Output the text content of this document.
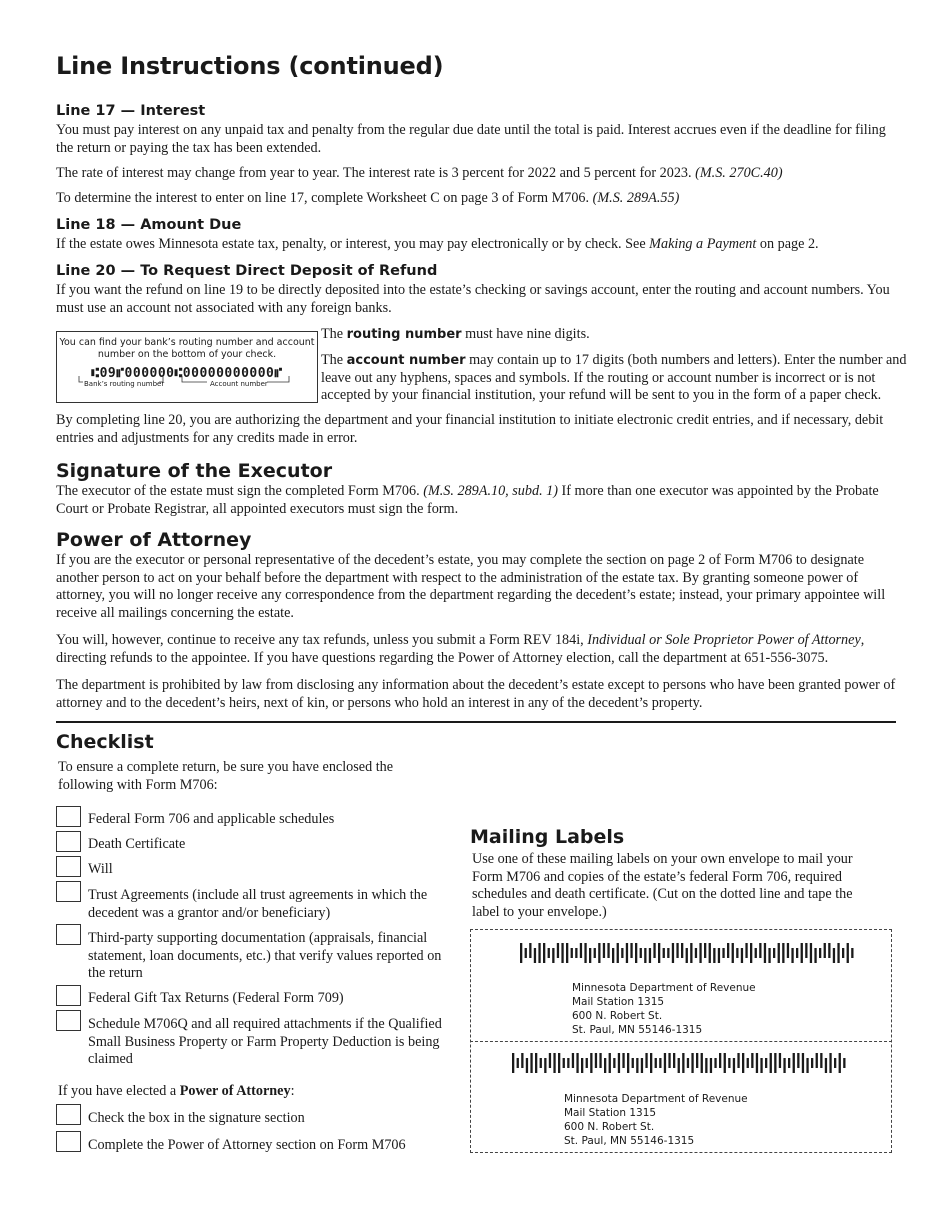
Line Instructions (continued)
Line 17 — Interest

You must pay interest on any unpaid tax and penalty from the regular due date until the total is paid. Interest accrues even if the deadline for filing the return or paying the tax has been extended.

The rate of interest may change from year to year. The interest rate is 3 percent for 2022 and 5 percent for 2023. (M.S. 270C.40)

To determine the interest to enter on line 17, complete Worksheet C on page 3 of Form M706. (M.S. 289A.55)

Line 18 — Amount Due

If the estate owes Minnesota estate tax, penalty, or interest, you may pay electronically or by check. See Making a Payment on page 2.

Line 20 — To Request Direct Deposit of Refund

If you want the refund on line 19 to be directly deposited into the estate’s checking or savings account, enter the routing and account numbers. You must use an account not associated with any foreign banks.

You can find your bank’s routing number and account number on the bottom of your check.
⑆09⑈000000⑆00000000000⑈
Bank’s routing number	Account number

The routing number must have nine digits.

The account number may contain up to 17 digits (both numbers and letters). Enter the number and leave out any hyphens, spaces and symbols. If the routing or account number is incorrect or is not accepted by your financial institution, your refund will be sent to you in the form of a paper check.

By completing line 20, you are authorizing the department and your financial institution to initiate electronic credit entries, and if necessary, debit entries and adjustments for any credits made in error.

Signature of the Executor

The executor of the estate must sign the completed Form M706. (M.S. 289A.10, subd. 1) If more than one executor was appointed by the Probate Court or Probate Registrar, all appointed executors must sign the form.

Power of Attorney

If you are the executor or personal representative of the decedent’s estate, you may complete the section on page 2 of Form M706 to designate another person to act on your behalf before the department with respect to the administration of the estate tax. By granting someone power of attorney, you will no longer receive any correspondence from the department regarding the decedent’s estate; instead, your primary appointee will receive all mailings concerning the estate.

You will, however, continue to receive any tax refunds, unless you submit a Form REV 184i, Individual or Sole Proprietor Power of Attorney, directing refunds to the appointee. If you have questions regarding the Power of Attorney election, call the department at 651-556-3075.

The department is prohibited by law from disclosing any information about the decedent’s estate except to persons who have been granted power of attorney and to the decedent’s heirs, next of kin, or persons who hold an interest in any of the decedent’s property.

Checklist

To ensure a complete return, be sure you have enclosed the following with Form M706:

Federal Form 706 and applicable schedules
Death Certificate
Will
Trust Agreements (include all trust agreements in which the decedent was a grantor and/or beneficiary)
Third-party supporting documentation (appraisals, financial statement, loan documents, etc.) that verify values reported on the return
Federal Gift Tax Returns (Federal Form 709)
Schedule M706Q and all required attachments if the Qualified Small Business Property or Farm Property Deduction is being claimed

If you have elected a Power of Attorney:

Check the box in the signature section
Complete the Power of Attorney section on Form M706
Mailing Labels

Use one of these mailing labels on your own envelope to mail your Form M706 and copies of the estate’s federal Form 706, required schedules and death certificate. (Cut on the dotted line and tape the label to your envelope.)

Minnesota Department of Revenue
Mail Station 1315
600 N. Robert St.
St. Paul, MN 55146-1315
Minnesota Department of Revenue
Mail Station 1315
600 N. Robert St.
St. Paul, MN 55146-1315
